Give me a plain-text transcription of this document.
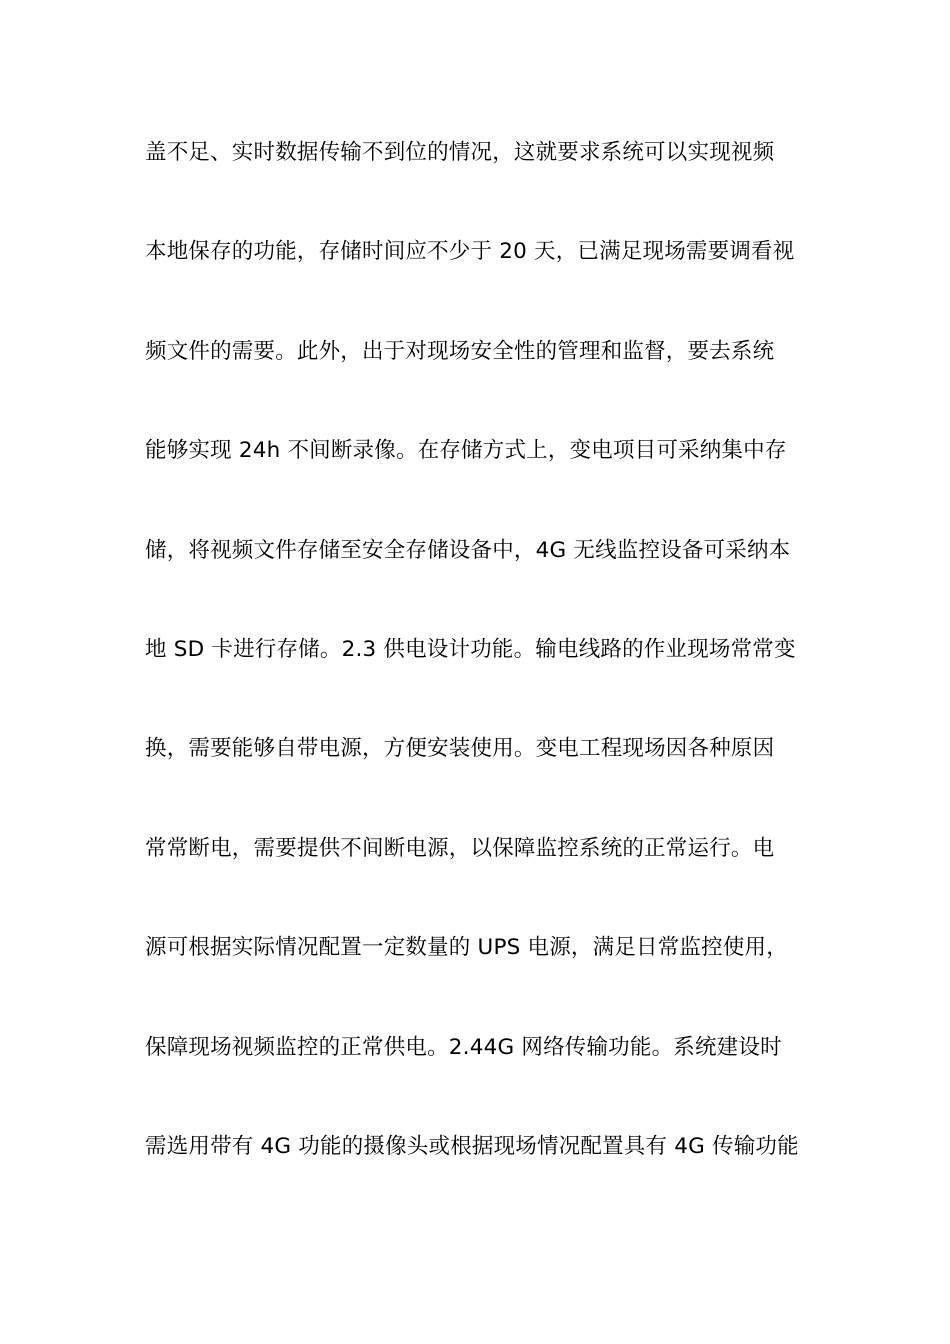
盖不足、实时数据传输不到位的情况，这就要求系统可以实现视频
本地保存的功能，存储时间应不少于 20 天，已满足现场需要调看视
频文件的需要。此外，出于对现场安全性的管理和监督，要去系统
能够实现 24h 不间断录像。在存储方式上，变电项目可采纳集中存
储，将视频文件存储至安全存储设备中，4G 无线监控设备可采纳本
地 SD 卡进行存储。2.3 供电设计功能。输电线路的作业现场常常变
换，需要能够自带电源，方便安装使用。变电工程现场因各种原因
常常断电，需要提供不间断电源，以保障监控系统的正常运行。电
源可根据实际情况配置一定数量的 UPS 电源，满足日常监控使用，
保障现场视频监控的正常供电。2.44G 网络传输功能。系统建设时
需选用带有 4G 功能的摄像头或根据现场情况配置具有 4G 传输功能
